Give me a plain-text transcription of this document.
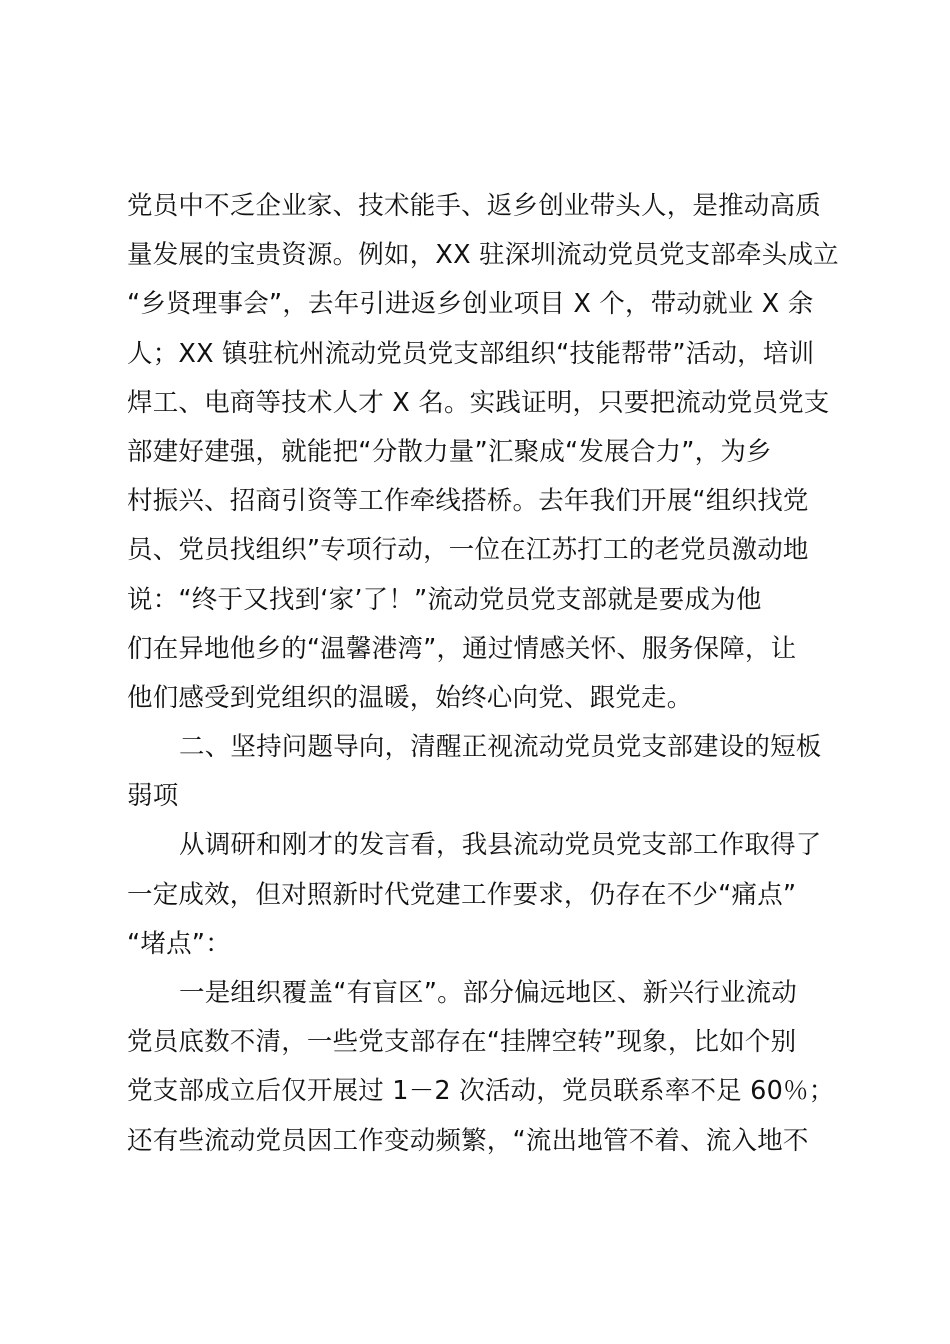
党员中不乏企业家、技术能手、返乡创业带头人，是推动高质
量发展的宝贵资源。例如，XX 驻深圳流动党员党支部牵头成立
“乡贤理事会”，去年引进返乡创业项目 X 个，带动就业 X 余
人；XX 镇驻杭州流动党员党支部组织“技能帮带”活动，培训
焊工、电商等技术人才 X 名。实践证明，只要把流动党员党支
部建好建强，就能把“分散力量”汇聚成“发展合力”，为乡
村振兴、招商引资等工作牵线搭桥。去年我们开展“组织找党
员、党员找组织”专项行动，一位在江苏打工的老党员激动地
说：“终于又找到‘家’了！”流动党员党支部就是要成为他
们在异地他乡的“温馨港湾”，通过情感关怀、服务保障，让
他们感受到党组织的温暖，始终心向党、跟党走。
二、坚持问题导向，清醒正视流动党员党支部建设的短板
弱项
从调研和刚才的发言看，我县流动党员党支部工作取得了
一定成效，但对照新时代党建工作要求，仍存在不少“痛点”
“堵点”：
一是组织覆盖“有盲区”。部分偏远地区、新兴行业流动
党员底数不清，一些党支部存在“挂牌空转”现象，比如个别
党支部成立后仅开展过 1－2 次活动，党员联系率不足 60％；
还有些流动党员因工作变动频繁，“流出地管不着、流入地不
